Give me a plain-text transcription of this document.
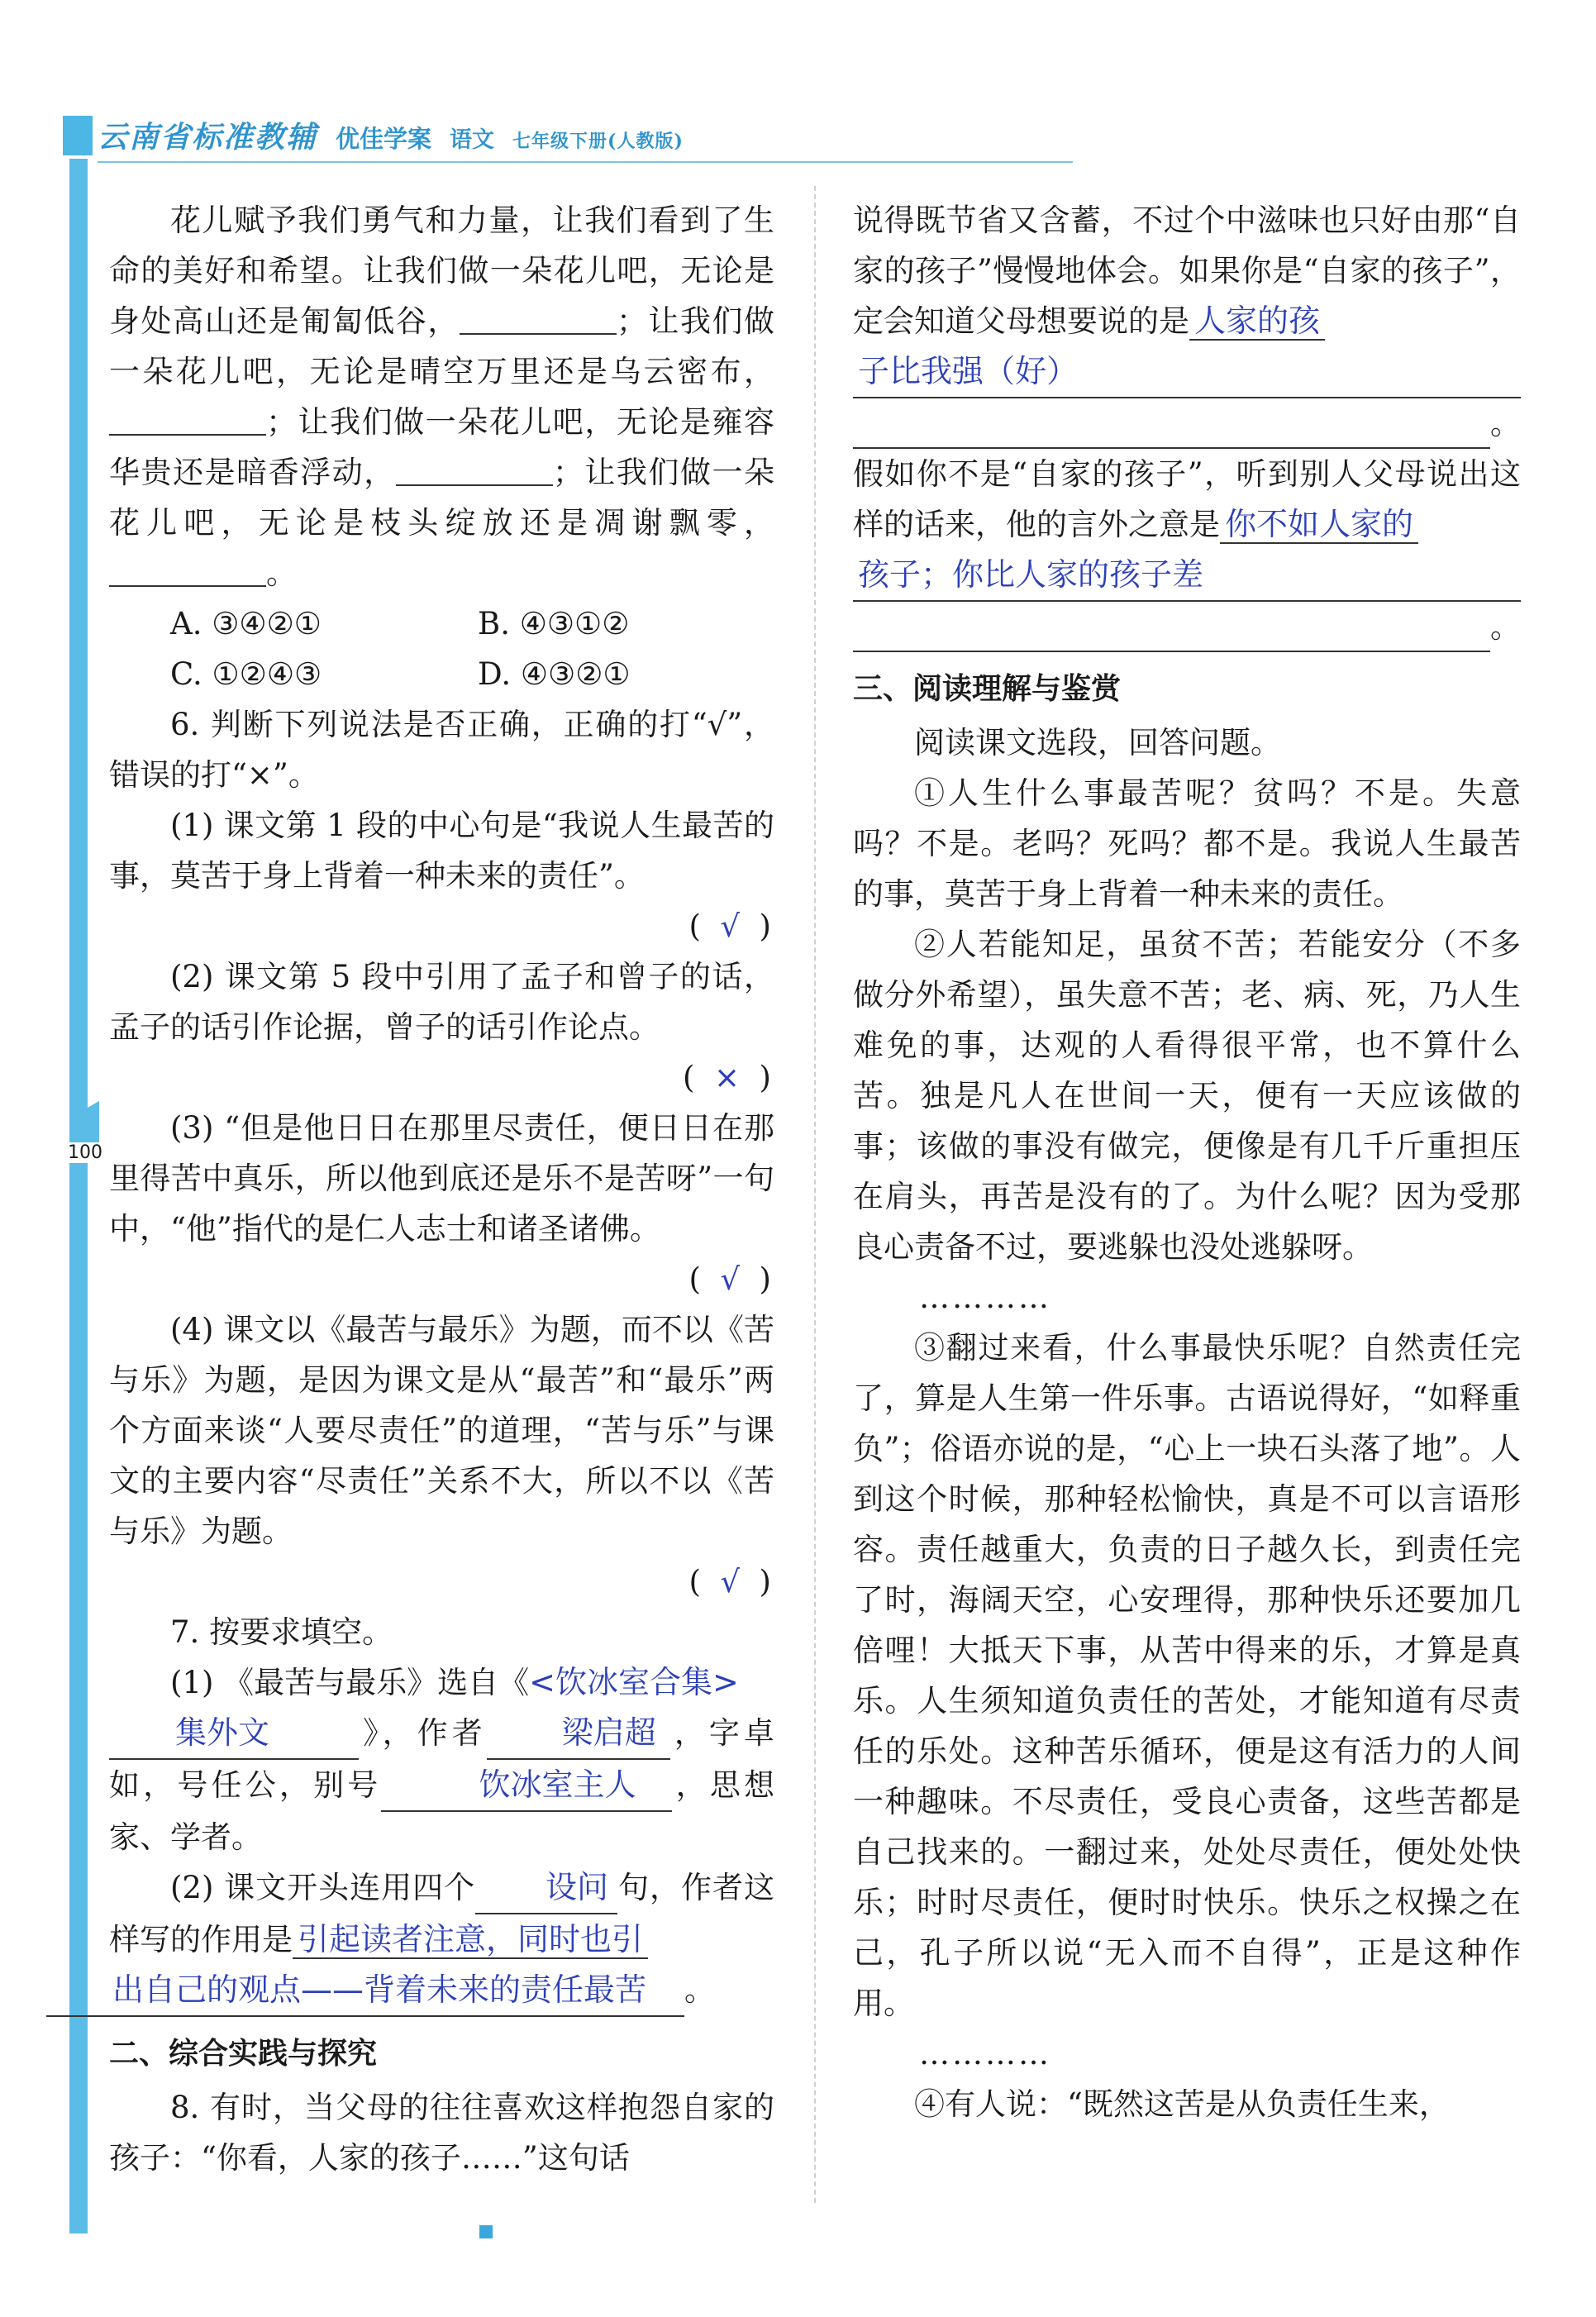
云南省标准教辅 优佳学案 语文 七年级下册(人教版)
100

花儿赋予我们勇气和力量，让我们看到了生命的美好和希望。让我们做一朵花儿吧，无论是身处高山还是匍匐低谷，	；让我们做一朵花儿吧，无论是晴空万里还是乌云密布，；让我们做一朵花儿吧，无论是雍容华贵还是暗香浮动，	；让我们做一朵花儿吧，无论是枝头绽放还是凋谢飘零，。

A. ③④②①	B. ④③①②
C. ①②④③	D. ④③②①

6. 判断下列说法是否正确，正确的打“√”，错误的打“×”。

(1) 课文第 1 段的中心句是“我说人生最苦的事，莫苦于身上背着一种未来的责任”。

(  √  )

(2) 课文第 5 段中引用了孟子和曾子的话，孟子的话引作论据，曾子的话引作论点。

(  ×  )

(3) “但是他日日在那里尽责任，便日日在那里得苦中真乐，所以他到底还是乐不是苦呀”一句中，“他”指代的是仁人志士和诸圣诸佛。

(  √  )

(4) 课文以《最苦与最乐》为题，而不以《苦与乐》为题，是因为课文是从“最苦”和“最乐”两个方面来谈“人要尽责任”的道理，“苦与乐”与课文的主要内容“尽责任”关系不大，所以不以《苦与乐》为题。

(  √  )

7. 按要求填空。

(1) 《最苦与最乐》选自《<饮冰室合集>
集外文	》，作者 梁启超 ，字卓如，号任公，别号	饮冰室主人 ，思想家、学者。

(2) 课文开头连用四个 设问 句，作者这样写的作用是 引起读者注意，同时也引
出自己的观点——背着未来的责任最苦 。

二、综合实践与探究

8. 有时，当父母的往往喜欢这样抱怨自家的孩子：“你看，人家的孩子……”这句话

说得既节省又含蓄，不过个中滋味也只好由那“自家的孩子”慢慢地体会。如果你是“自家的孩子”，定会知道父母想要说的是 人家的孩
子比我强（好）

。

假如你不是“自家的孩子”，听到别人父母说出这样的话来，他的言外之意是 你不如人家的
孩子；你比人家的孩子差

。
三、阅读理解与鉴赏

阅读课文选段，回答问题。

①人生什么事最苦呢？贫吗？不是。失意吗？不是。老吗？死吗？都不是。我说人生最苦的事，莫苦于身上背着一种未来的责任。

②人若能知足，虽贫不苦；若能安分（不多做分外希望），虽失意不苦；老、病、死，乃人生难免的事，达观的人看得很平常，也不算什么苦。独是凡人在世间一天，便有一天应该做的事；该做的事没有做完，便像是有几千斤重担压在肩头，再苦是没有的了。为什么呢？因为受那良心责备不过，要逃躲也没处逃躲呀。

…………

③翻过来看，什么事最快乐呢？自然责任完了，算是人生第一件乐事。古语说得好，“如释重负”；俗语亦说的是，“心上一块石头落了地”。人到这个时候，那种轻松愉快，真是不可以言语形容。责任越重大，负责的日子越久长，到责任完了时，海阔天空，心安理得，那种快乐还要加几倍哩！大抵天下事，从苦中得来的乐，才算是真乐。人生须知道负责任的苦处，才能知道有尽责任的乐处。这种苦乐循环，便是这有活力的人间一种趣味。不尽责任，受良心责备，这些苦都是自己找来的。一翻过来，处处尽责任，便处处快乐；时时尽责任，便时时快乐。快乐之权操之在己，孔子所以说“无入而不自得”，正是这种作用。

…………

④有人说：“既然这苦是从负责任生来，
